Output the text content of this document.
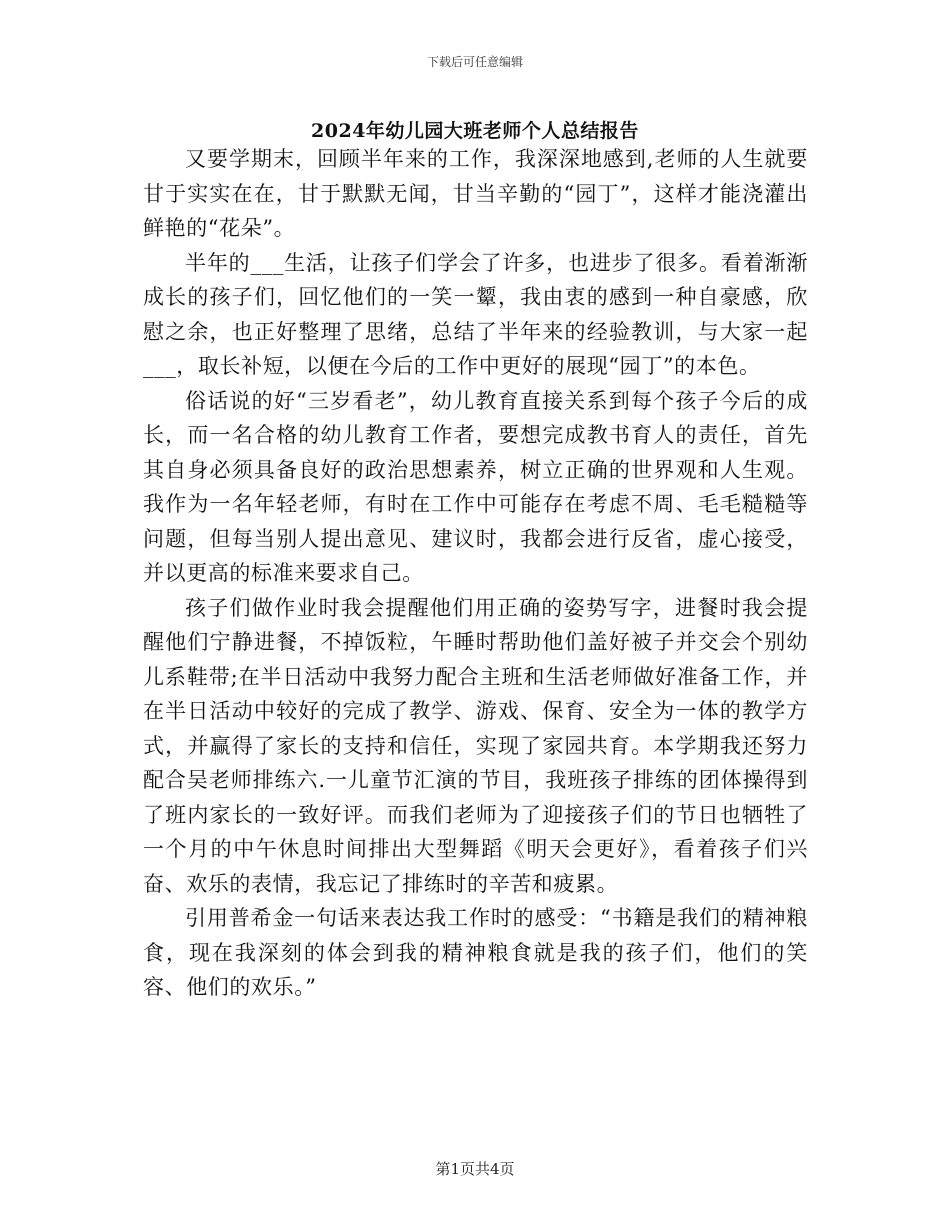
下载后可任意编辑
2024年幼儿园大班老师个人总结报告

又要学期末，回顾半年来的工作，我深深地感到,老师的人生就要甘于实实在在，甘于默默无闻，甘当辛勤的“园丁”，这样才能浇灌出鲜艳的“花朵”。

半年的___生活，让孩子们学会了许多，也进步了很多。看着渐渐成长的孩子们，回忆他们的一笑一颦，我由衷的感到一种自豪感，欣慰之余，也正好整理了思绪，总结了半年来的经验教训，与大家一起___，取长补短，以便在今后的工作中更好的展现“园丁”的本色。

俗话说的好“三岁看老”，幼儿教育直接关系到每个孩子今后的成长，而一名合格的幼儿教育工作者，要想完成教书育人的责任，首先其自身必须具备良好的政治思想素养，树立正确的世界观和人生观。我作为一名年轻老师，有时在工作中可能存在考虑不周、毛毛糙糙等问题，但每当别人提出意见、建议时，我都会进行反省，虚心接受，并以更高的标准来要求自己。

孩子们做作业时我会提醒他们用正确的姿势写字，进餐时我会提醒他们宁静进餐，不掉饭粒，午睡时帮助他们盖好被子并交会个别幼儿系鞋带;在半日活动中我努力配合主班和生活老师做好准备工作，并在半日活动中较好的完成了教学、游戏、保育、安全为一体的教学方式，并赢得了家长的支持和信任，实现了家园共育。本学期我还努力配合吴老师排练六.一儿童节汇演的节目，我班孩子排练的团体操得到了班内家长的一致好评。而我们老师为了迎接孩子们的节日也牺牲了一个月的中午休息时间排出大型舞蹈《明天会更好》，看着孩子们兴奋、欢乐的表情，我忘记了排练时的辛苦和疲累。

引用普希金一句话来表达我工作时的感受：“书籍是我们的精神粮食，现在我深刻的体会到我的精神粮食就是我的孩子们，他们的笑容、他们的欢乐。”

第1页共4页
